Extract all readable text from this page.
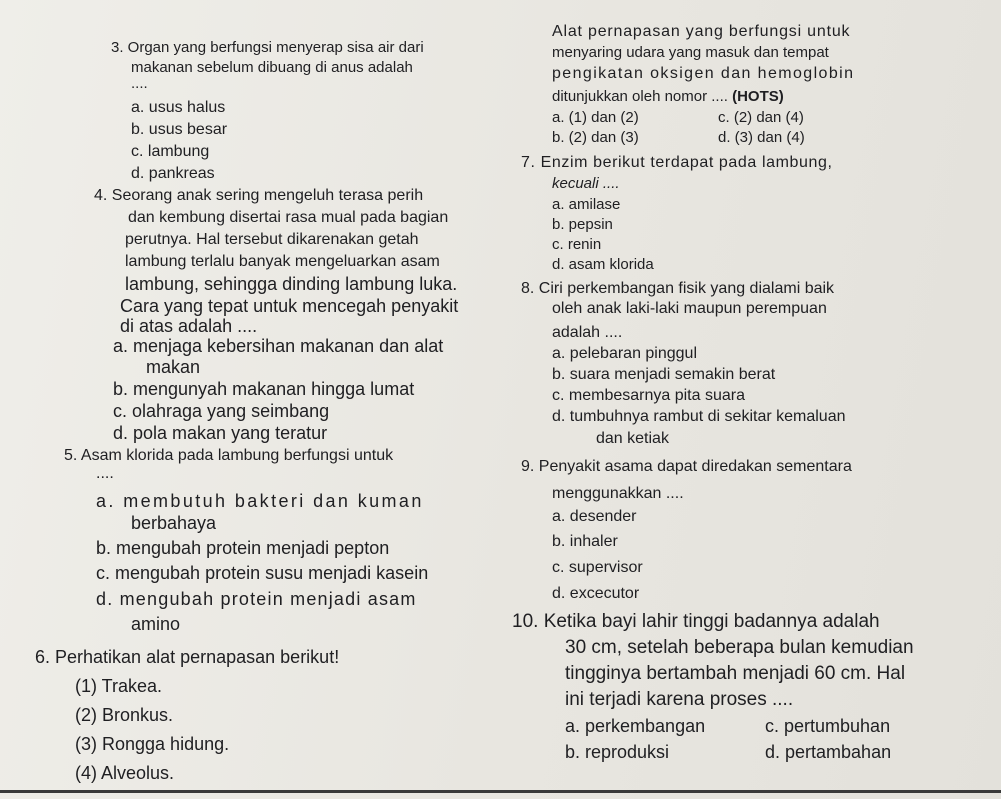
3. Organ yang berfungsi menyerap sisa air dari
makanan sebelum dibuang di anus adalah
....
a. usus halus
b. usus besar
c. lambung
d. pankreas
4. Seorang anak sering mengeluh terasa perih
dan kembung disertai rasa mual pada bagian
perutnya. Hal tersebut dikarenakan getah
lambung terlalu banyak mengeluarkan asam
lambung, sehingga dinding lambung luka.
Cara yang tepat untuk mencegah penyakit
di atas adalah ....
a. menjaga kebersihan makanan dan alat
makan
b. mengunyah makanan hingga lumat
c. olahraga yang seimbang
d. pola makan yang teratur
5. Asam klorida pada lambung berfungsi untuk
....
a. membutuh bakteri dan kuman
berbahaya
b. mengubah protein menjadi pepton
c. mengubah protein susu menjadi kasein
d. mengubah protein menjadi asam
amino
6. Perhatikan alat pernapasan berikut!
(1) Trakea.
(2) Bronkus.
(3) Rongga hidung.
(4) Alveolus.
Alat pernapasan yang berfungsi untuk
menyaring udara yang masuk dan tempat
pengikatan oksigen dan hemoglobin
ditunjukkan oleh nomor .... (HOTS)
a. (1) dan (2)	c. (2) dan (4)
b. (2) dan (3)	d. (3) dan (4)
7. Enzim berikut terdapat pada lambung,
kecuali ....
a. amilase
b. pepsin
c. renin
d. asam klorida
8. Ciri perkembangan fisik yang dialami baik
oleh anak laki-laki maupun perempuan
adalah ....
a. pelebaran pinggul
b. suara menjadi semakin berat
c. membesarnya pita suara
d. tumbuhnya rambut di sekitar kemaluan
dan ketiak
9. Penyakit asama dapat diredakan sementara
menggunakkan ....
a. desender
b. inhaler
c. supervisor
d. excecutor
10. Ketika bayi lahir tinggi badannya adalah
30 cm, setelah beberapa bulan kemudian
tingginya bertambah menjadi 60 cm. Hal
ini terjadi karena proses ....
a. perkembangan	c. pertumbuhan
b. reproduksi	d. pertambahan
